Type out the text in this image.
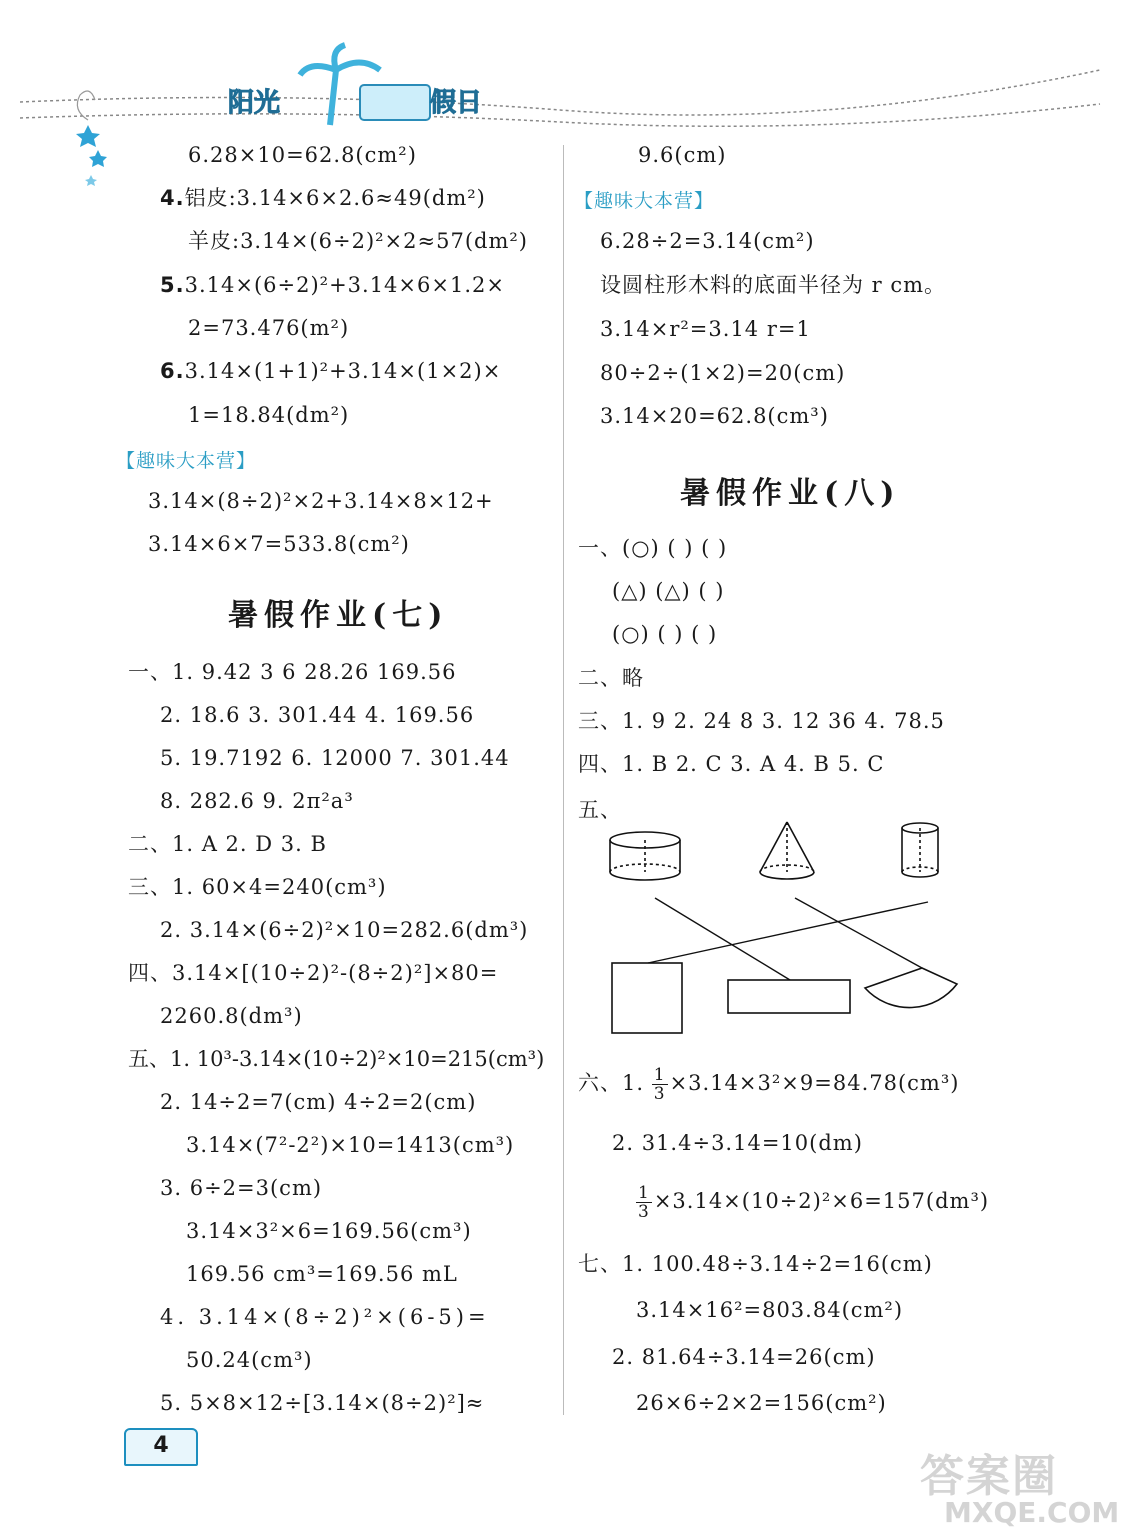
阳光	假日
6.28×10=62.8(cm²)
4.铝皮:3.14×6×2.6≈49(dm²)
羊皮:3.14×(6÷2)²×2≈57(dm²)
5.3.14×(6÷2)²+3.14×6×1.2×
2=73.476(m²)
6.3.14×(1+1)²+3.14×(1×2)×
1=18.84(dm²)
【趣味大本营】
3.14×(8÷2)²×2+3.14×8×12+
3.14×6×7=533.8(cm²)
暑假作业(七)
一、1. 9.42 3 6 28.26 169.56
2. 18.6 3. 301.44 4. 169.56
5. 19.7192 6. 12000 7. 301.44
8. 282.6 9. 2π²a³
二、1. A 2. D 3. B
三、1. 60×4=240(cm³)
2. 3.14×(6÷2)²×10=282.6(dm³)
四、3.14×[(10÷2)²-(8÷2)²]×80=
2260.8(dm³)
五、1. 10³-3.14×(10÷2)²×10=215(cm³)
2. 14÷2=7(cm) 4÷2=2(cm)
3.14×(7²-2²)×10=1413(cm³)
3. 6÷2=3(cm)
3.14×3²×6=169.56(cm³)
169.56 cm³=169.56 mL
4. 3.14×(8÷2)²×(6-5)=
50.24(cm³)
5. 5×8×12÷[3.14×(8÷2)²]≈
9.6(cm)
【趣味大本营】
6.28÷2=3.14(cm²)
设圆柱形木料的底面半径为 r cm。
3.14×r²=3.14 r=1
80÷2÷(1×2)=20(cm)
3.14×20=62.8(cm³)
暑假作业(八)
一、(○) ( ) ( )
(△) (△) ( )
(○) ( ) ( )
二、略
三、1. 9 2. 24 8 3. 12 36 4. 78.5
四、1. B 2. C 3. A 4. B 5. C
五、
六、1. $\frac{1}{3} \times 3.14\times 3^2\times 9=84.78(cm^3)$
2. 31.4÷3.14=10(dm)
$\frac{1}{3} \times 3.14\times(10\div 2)^2\times 6=157(dm^3)$
七、1. 100.48÷3.14÷2=16(cm)
3.14×16²=803.84(cm²)
2. 81.64÷3.14=26(cm)
26×6÷2×2=156(cm²)
4
答案圈
MXQE.COM
